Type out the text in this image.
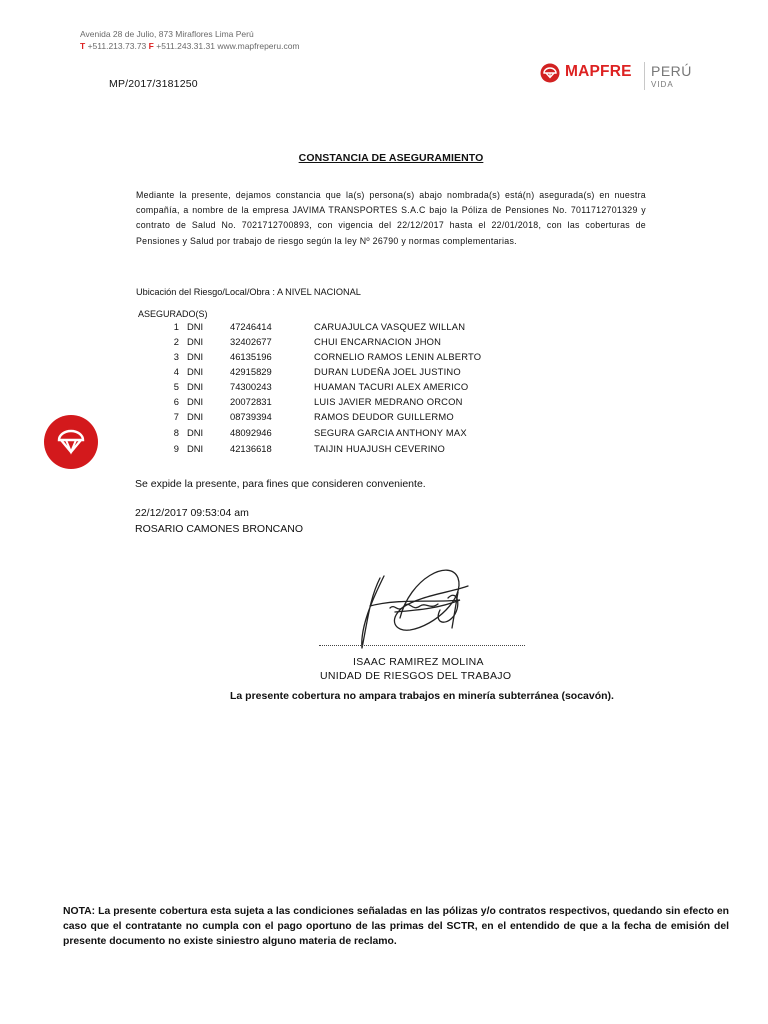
Avenida 28 de Julio, 873 Miraflores Lima Perú
T +511.213.73.73 F +511.243.31.31 www.mapfreperu.com
MP/2017/3181250
MAPFRE PERÚ
VIDA
CONSTANCIA DE ASEGURAMIENTO
Mediante la presente, dejamos constancia que la(s) persona(s) abajo nombrada(s) está(n) asegurada(s) en nuestra compañía, a nombre de la empresa JAVIMA TRANSPORTES S.A.C bajo la Póliza de Pensiones No. 7011712701329 y contrato de Salud No. 7021712700893, con vigencia del 22/12/2017 hasta el 22/01/2018, con las coberturas de Pensiones y Salud por trabajo de riesgo según la ley Nº 26790 y normas complementarias.
Ubicación del Riesgo/Local/Obra : A NIVEL NACIONAL
ASEGURADO(S)
1 DNI	47246414	CARUAJULCA VASQUEZ WILLAN
2 DNI	32402677	CHUI ENCARNACION JHON
3 DNI	46135196	CORNELIO RAMOS LENIN ALBERTO
4 DNI	42915829	DURAN LUDEÑA JOEL JUSTINO
5 DNI	74300243	HUAMAN TACURI ALEX AMERICO
6 DNI	20072831	LUIS JAVIER MEDRANO ORCON
7 DNI	08739394	RAMOS DEUDOR GUILLERMO
8 DNI	48092946	SEGURA GARCIA ANTHONY MAX
9 DNI	42136618	TAIJIN HUAJUSH CEVERINO
Se expide la presente, para fines que consideren conveniente.
22/12/2017 09:53:04 am
ROSARIO CAMONES BRONCANO
ISAAC RAMIREZ MOLINA
UNIDAD DE RIESGOS DEL TRABAJO
La presente cobertura no ampara trabajos en minería subterránea (socavón).
NOTA: La presente cobertura esta sujeta a las condiciones señaladas en las pólizas y/o contratos respectivos, quedando sin efecto en caso que el contratante no cumpla con el pago oportuno de las primas del SCTR, en el entendido de que a la fecha de emisión del presente documento no existe siniestro alguno materia de reclamo.
